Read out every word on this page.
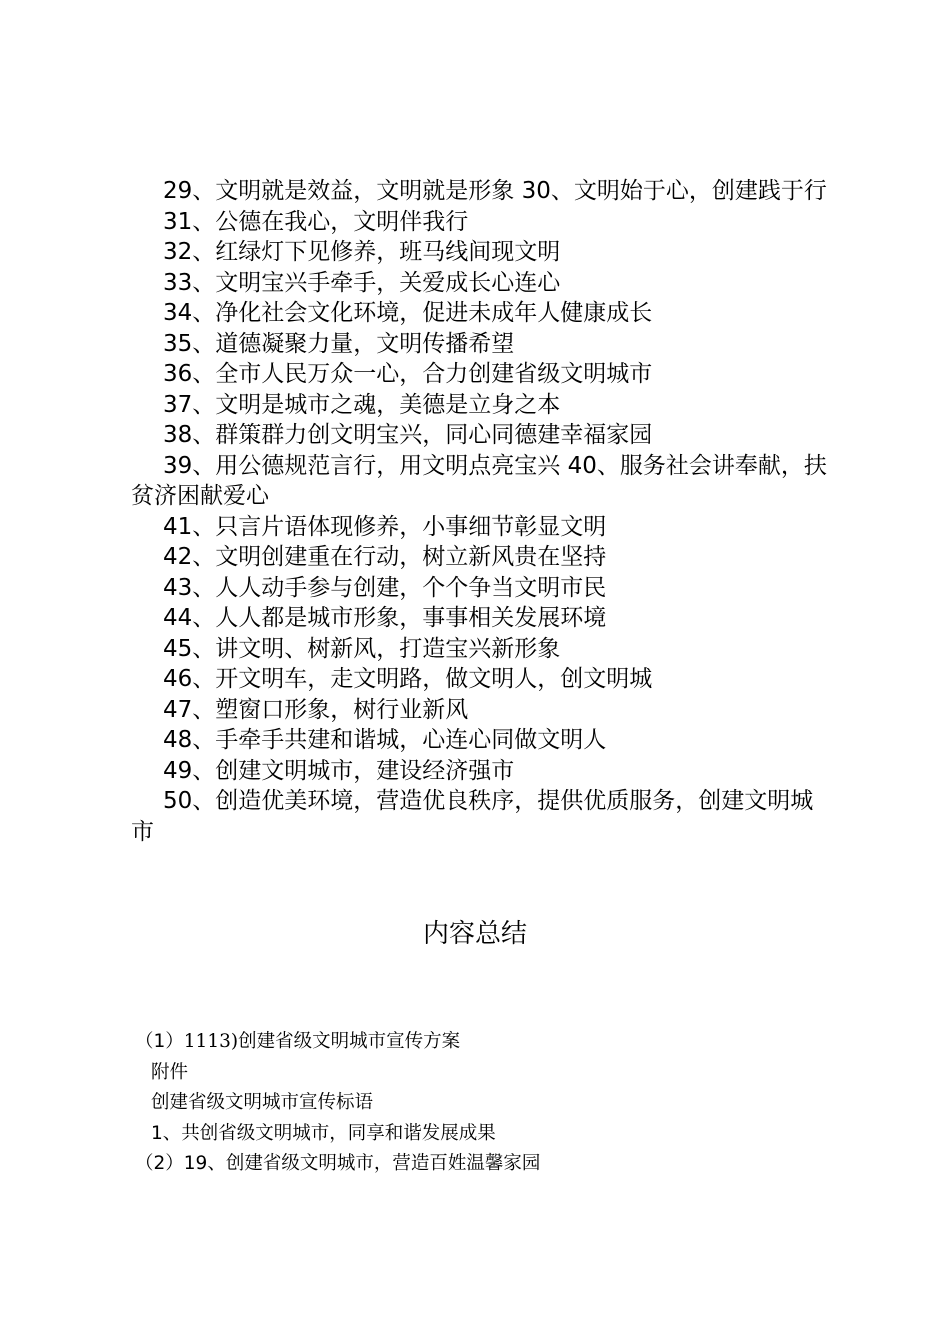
29、文明就是效益，文明就是形象 30、文明始于心，创建践于行

31、公德在我心，文明伴我行

32、红绿灯下见修养，班马线间现文明

33、文明宝兴手牵手，关爱成长心连心

34、净化社会文化环境，促进未成年人健康成长

35、道德凝聚力量，文明传播希望

36、全市人民万众一心，合力创建省级文明城市

37、文明是城市之魂，美德是立身之本

38、群策群力创文明宝兴，同心同德建幸福家园

39、用公德规范言行，用文明点亮宝兴 40、服务社会讲奉献，扶贫济困献爱心

41、只言片语体现修养，小事细节彰显文明

42、文明创建重在行动，树立新风贵在坚持

43、人人动手参与创建，个个争当文明市民

44、人人都是城市形象，事事相关发展环境

45、讲文明、树新风，打造宝兴新形象

46、开文明车，走文明路，做文明人，创文明城

47、塑窗口形象，树行业新风

48、手牵手共建和谐城，心连心同做文明人

49、创建文明城市，建设经济强市

50、创造优美环境，营造优良秩序，提供优质服务，创建文明城市

内容总结

（1）1113)创建省级文明城市宣传方案

附件

创建省级文明城市宣传标语

1、共创省级文明城市，同享和谐发展成果

（2）19、创建省级文明城市，营造百姓温馨家园
